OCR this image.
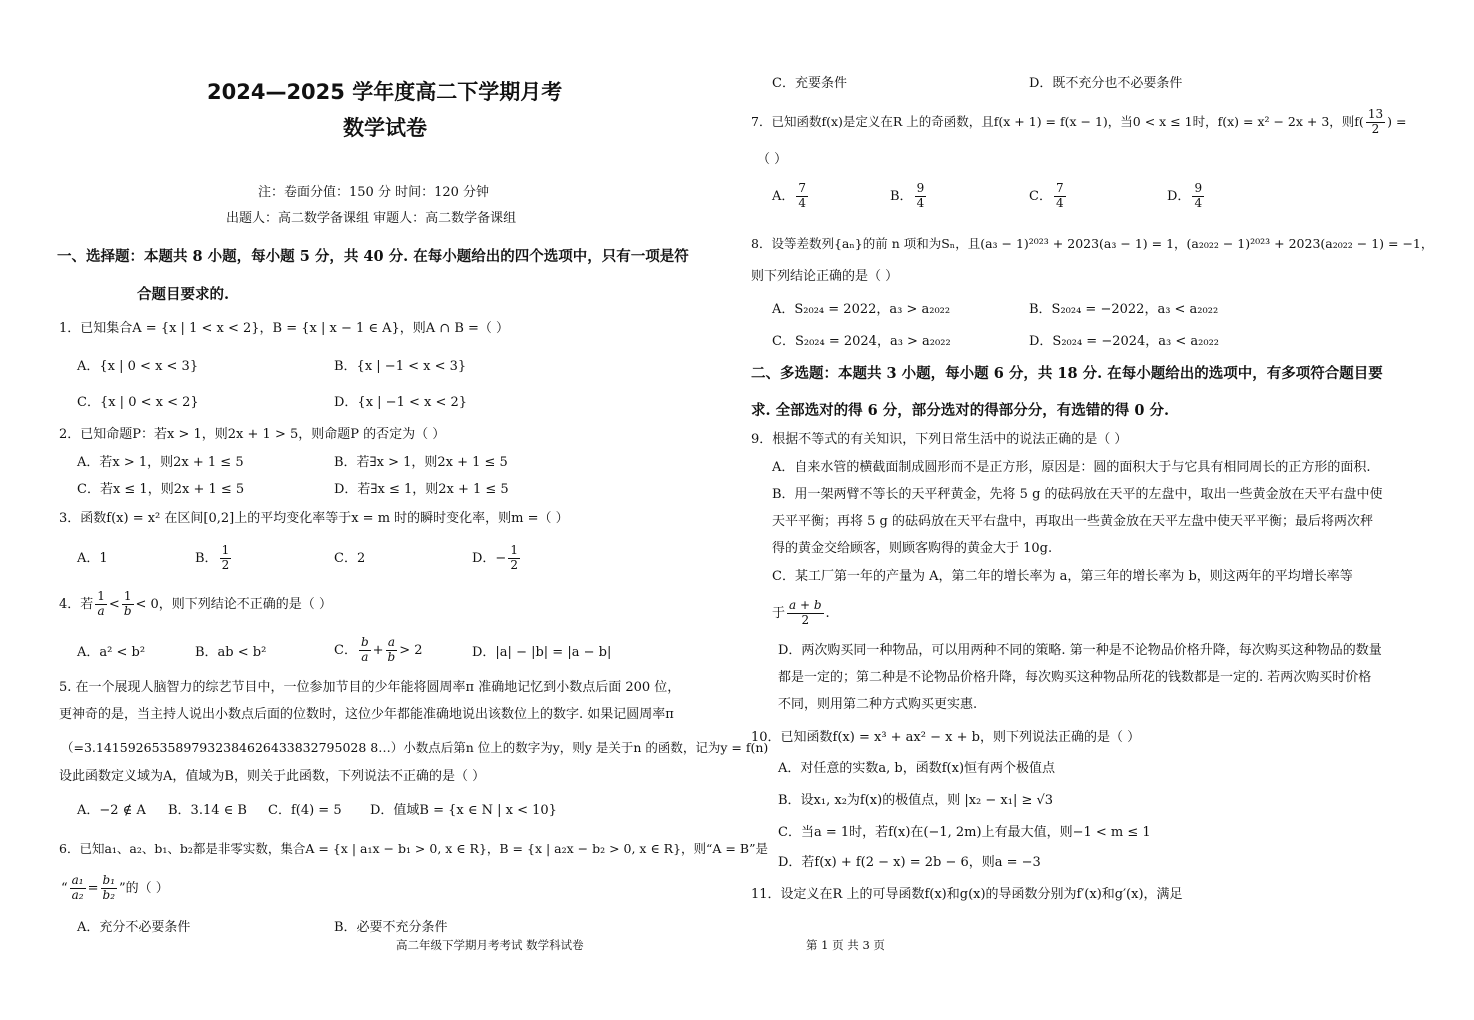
2024—2025 学年度高二下学期月考
数学试卷
注：卷面分值：150 分 时间：120 分钟
出题人：高二数学备课组 审题人：高二数学备课组
一、选择题：本题共 8 小题，每小题 5 分，共 40 分. 在每小题给出的四个选项中，只有一项是符
合题目要求的.
1．已知集合A = {x | 1 < x < 2}，B = {x | x − 1 ∈ A}，则A ∩ B =（ ）
A．{x | 0 < x < 3}	B．{x | −1 < x < 3}
C．{x | 0 < x < 2}	D．{x | −1 < x < 2}
2．已知命题P：若x > 1，则2x + 1 > 5，则命题P 的否定为（ ）
A．若x > 1，则2x + 1 ≤ 5	B．若∃x > 1，则2x + 1 ≤ 5
C．若x ≤ 1，则2x + 1 ≤ 5	D．若∃x ≤ 1，则2x + 1 ≤ 5
3．函数f(x) = x² 在区间[0,2]上的平均变化率等于x = m 时的瞬时变化率，则m =（ ）
A．1	B． $\frac{1}{2}$	C．2	D．− $\frac{1}{2}$
4．若 $\frac{1}{a} < \frac{1}{b} < 0$，则下列结论不正确的是（ ）
A．a² < b²	B．ab < b²	C． $\frac{b}{a} + \frac{a}{b} > 2$	D．|a| − |b| = |a − b|
5. 在一个展现人脑智力的综艺节目中，一位参加节目的少年能将圆周率π 准确地记忆到小数点后面 200 位，
更神奇的是，当主持人说出小数点后面的位数时，这位少年都能准确地说出该数位上的数字. 如果记圆周率π
（=3.1415926535897932384626433832795028 8…）小数点后第n 位上的数字为y，则y 是关于n 的函数，记为y = f(n)
设此函数定义域为A，值域为B，则关于此函数，下列说法不正确的是（ ）
A．−2 ∉ A B．3.14 ∈ B C．f(4) = 5 D．值域B = {x ∈ N | x < 10}
6．已知a₁、a₂、b₁、b₂都是非零实数，集合A = {x | a₁x − b₁ > 0, x ∈ R}，B = {x | a₂x − b₂ > 0, x ∈ R}，则“A = B”是
“ $\frac{\text{a₁}}{\text{a₂}} = \frac{\text{b₁}}{\text{b₂}}$ ”的（ ）
A．充分不必要条件	B．必要不充分条件
C．充要条件	D．既不充分也不必要条件
7．已知函数f(x)是定义在R 上的奇函数，且f(x + 1) = f(x − 1)，当0 < x ≤ 1时，f(x) = x² − 2x + 3，则$f( \frac{13}{2}$ ) =
（ ）
A． $\frac{7}{4}$	B． $\frac{9}{4}$	C． $\frac{7}{4}$	D． $\frac{9}{4}$
8．设等差数列{aₙ}的前 n 项和为Sₙ，且(a₃ − 1)²⁰²³ + 2023(a₃ − 1) = 1，(a₂₀₂₂ − 1)²⁰²³ + 2023(a₂₀₂₂ − 1) = −1，
则下列结论正确的是（ ）
A．S₂₀₂₄ = 2022，a₃ > a₂₀₂₂	B．S₂₀₂₄ = −2022，a₃ < a₂₀₂₂
C．S₂₀₂₄ = 2024，a₃ > a₂₀₂₂	D．S₂₀₂₄ = −2024，a₃ < a₂₀₂₂
二、多选题：本题共 3 小题，每小题 6 分，共 18 分. 在每小题给出的选项中，有多项符合题目要
求. 全部选对的得 6 分，部分选对的得部分分，有选错的得 0 分.
9．根据不等式的有关知识，下列日常生活中的说法正确的是（ ）
A．自来水管的横截面制成圆形而不是正方形，原因是：圆的面积大于与它具有相同周长的正方形的面积.
B．用一架两臂不等长的天平秤黄金，先将 5 g 的砝码放在天平的左盘中，取出一些黄金放在天平右盘中使
天平平衡；再将 5 g 的砝码放在天平右盘中，再取出一些黄金放在天平左盘中使天平平衡；最后将两次秤
得的黄金交给顾客，则顾客购得的黄金大于 10g.
C．某工厂第一年的产量为 A，第二年的增长率为 a，第三年的增长率为 b，则这两年的平均增长率等
于 $\frac{a + b}{2}$ .
D．两次购买同一种物品，可以用两种不同的策略. 第一种是不论物品价格升降，每次购买这种物品的数量
都是一定的；第二种是不论物品价格升降，每次购买这种物品所花的钱数都是一定的. 若两次购买时价格
不同，则用第二种方式购买更实惠.
10．已知函数f(x) = x³ + ax² − x + b，则下列说法正确的是（ ）
A．对任意的实数a, b，函数f(x)恒有两个极值点
B．设x₁, x₂为f(x)的极值点，则 |x₂ − x₁| ≥ √3
C．当a = 1时，若f(x)在(−1, 2m)上有最大值，则−1 < m ≤ 1
D．若f(x) + f(2 − x) = 2b − 6，则a = −3
11．设定义在R 上的可导函数f(x)和g(x)的导函数分别为f′(x)和g′(x)，满足
高二年级下学期月考考试 数学科试卷	第 1 页 共 3 页
